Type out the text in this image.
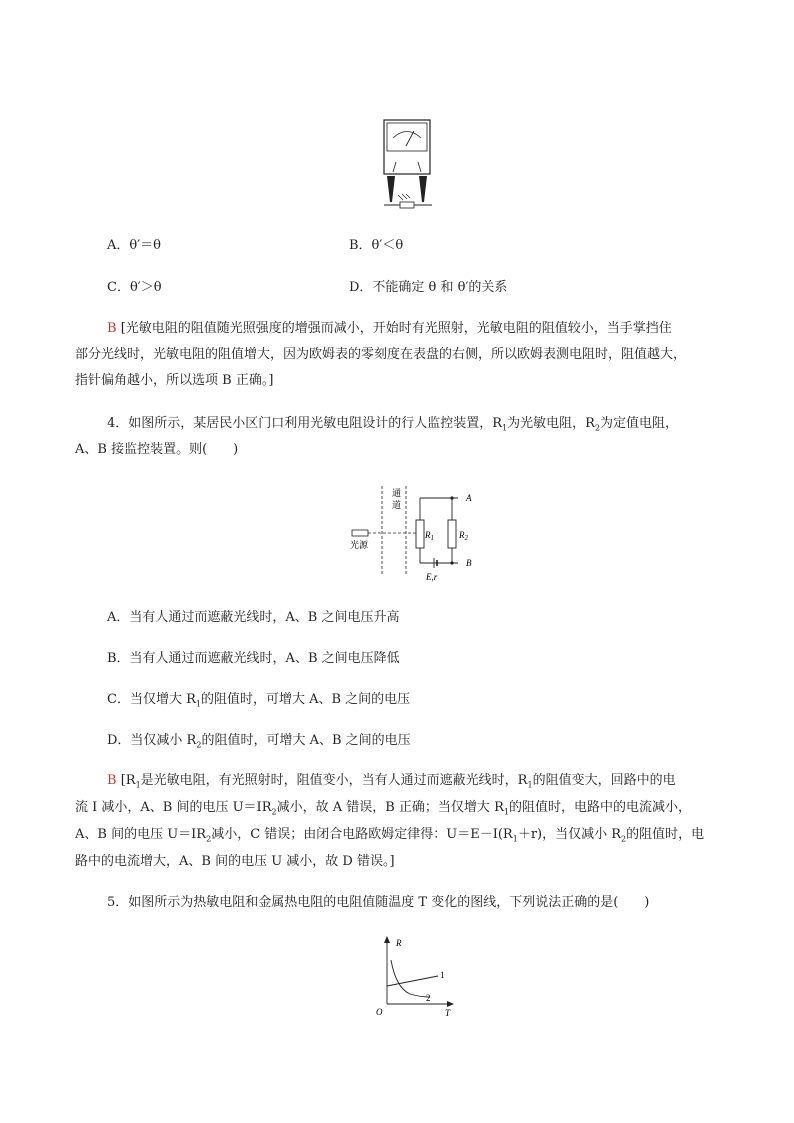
A．θ′＝θ	B．θ′＜θ
C．θ′＞θ	D．不能确定 θ 和 θ′的关系
B [光敏电阻的阻值随光照强度的增强而减小，开始时有光照射，光敏电阻的阻值较小，当手掌挡住
部分光线时，光敏电阻的阻值增大，因为欧姆表的零刻度在表盘的右侧，所以欧姆表测电阻时，阻值越大，
指针偏角越小，所以选项 B 正确。]
4．如图所示，某居民小区门口利用光敏电阻设计的行人监控装置，$R_1$为光敏电阻，$R_2$为定值电阻，
A、B 接监控装置。则(　　)
通
道
光源
$R_1$	$R_2$
E,r
A
B
A．当有人通过而遮蔽光线时，A、B 之间电压升高
B．当有人通过而遮蔽光线时，A、B 之间电压降低
C．当仅增大 $R_1$的阻值时，可增大 A、B 之间的电压
D．当仅减小 $R_2$的阻值时，可增大 A、B 之间的电压
B [$R_1$是光敏电阻，有光照射时，阻值变小，当有人通过而遮蔽光线时，$R_1$的阻值变大，回路中的电
流 I 减小，A、B 间的电压 $U=IR_2$减小，故 A 错误，B 正确；当仅增大 $R_1$的阻值时，电路中的电流减小，
A、B 间的电压 $U=IR_2$减小，C 错误；由闭合电路欧姆定律得：$U=E-I(R_1+r)$，当仅减小 $R_2$的阻值时，电
路中的电流增大，A、B 间的电压 U 减小，故 D 错误。]
5．如图所示为热敏电阻和金属热电阻的电阻值随温度 T 变化的图线，下列说法正确的是(　　)
R
T
O
1
2
